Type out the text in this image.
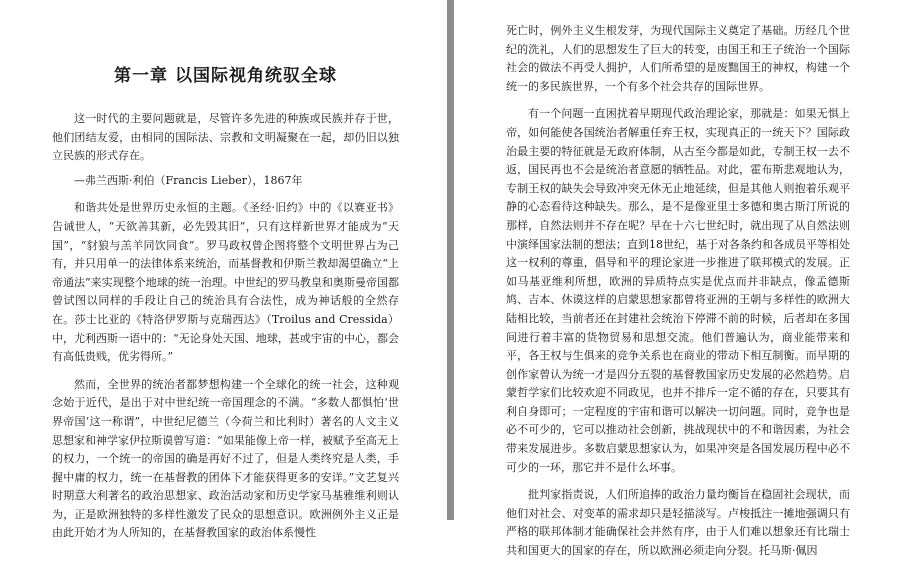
第一章 以国际视角统驭全球

这一时代的主要问题就是，尽管许多先进的种族或民族并存于世，他们团结友爱，由相同的国际法、宗教和文明凝聚在一起，却仍旧以独立民族的形式存在。

—弗兰西斯·利伯（Francis Lieber），1867年

和谐共处是世界历史永恒的主题。《圣经·旧约》中的《以赛亚书》告诫世人，“天欲善其新，必先毁其旧”，只有这样新世界才能成为“天国”，“豺狼与羔羊同饮同食”。罗马政权曾企图将整个文明世界占为己有，并只用单一的法律体系来统治，而基督教和伊斯兰教却渴望确立“上帝通法”来实现整个地球的统一治理。中世纪的罗马教皇和奥斯曼帝国都曾试图以同样的手段让自己的统治具有合法性，成为神话般的全然存在。莎士比亚的《特洛伊罗斯与克瑞西达》（Troilus and Cressida）中，尤利西斯一语中的：“无论身处天国、地球，甚或宇宙的中心，都会有高低贵贱，优劣得所。”

然而，全世界的统治者都梦想构建一个全球化的统一社会，这种观念始于近代，是出于对中世纪统一帝国理念的不满。“多数人都惧怕‘世界帝国’这一称谓”，中世纪尼德兰（今荷兰和比利时）著名的人文主义思想家和神学家伊拉斯谟曾写道：“如果能像上帝一样，被赋予至高无上的权力，一个统一的帝国的确是再好不过了，但是人类终究是人类，手握中庸的权力，统一在基督教的团体下才能获得更多的安详。”文艺复兴时期意大利著名的政治思想家、政治活动家和历史学家马基雅维利则认为，正是欧洲独特的多样性激发了民众的思想意识。欧洲例外主义正是由此开始才为人所知的，在基督教国家的政治体系慢性

死亡时，例外主义生根发芽，为现代国际主义奠定了基础。历经几个世纪的洗礼，人们的思想发生了巨大的转变，由国王和王子统治一个国际社会的做法不再受人拥护，人们所希望的是废黜国王的神权，构建一个统一的多民族世界，一个有多个社会共存的国际世界。

有一个问题一直困扰着早期现代政治理论家，那就是：如果无惧上帝，如何能使各国统治者解重任弃王权，实现真正的一统天下？国际政治最主要的特征就是无政府体制，从古至今都是如此，专制王权一去不返，国民再也不会是统治者意愿的牺牲品。对此，霍布斯悲观地认为，专制王权的缺失会导致冲突无休无止地延续，但是其他人则抱着乐观平静的心态看待这种缺失。那么，是不是像亚里士多德和奥古斯汀所说的那样，自然法则并不存在呢？早在十六七世纪时，就出现了从自然法则中演绎国家法制的想法；直到18世纪，基于对各条约和各成员平等相处这一权利的尊重，倡导和平的理论家进一步推进了联邦模式的发展。正如马基亚维利所想，欧洲的异质特点实是优点而并非缺点，像孟德斯鸠、吉本、休谟这样的启蒙思想家都曾将亚洲的王朝与多样性的欧洲大陆相比较，当前者还在封建社会统治下停滞不前的时候，后者却在多国间进行着丰富的货物贸易和思想交流。他们普遍认为，商业能带来和平，各王权与生俱来的竞争关系也在商业的带动下相互制衡。而早期的创作家曾认为统一才是四分五裂的基督教国家历史发展的必然趋势。启蒙哲学家们比较欢迎不同政见，也并不排斥一定不循的存在，只要其有利自身即可；一定程度的宇宙和谐可以解决一切问题。同时，竞争也是必不可少的，它可以推动社会创新，挑战现状中的不和谐因素，为社会带来发展进步。多数启蒙思想家认为，如果冲突是各国发展历程中必不可少的一环，那它并不是什么坏事。

批判家指责说，人们所追捧的政治力量均衡旨在稳固社会现状，而他们对社会、对变革的需求却只是轻描淡写。卢梭抵注一摊地强调只有严格的联邦体制才能确保社会并然有序，由于人们难以想象还有比瑞士共和国更大的国家的存在，所以欧洲必须走向分裂。托马斯·佩因
